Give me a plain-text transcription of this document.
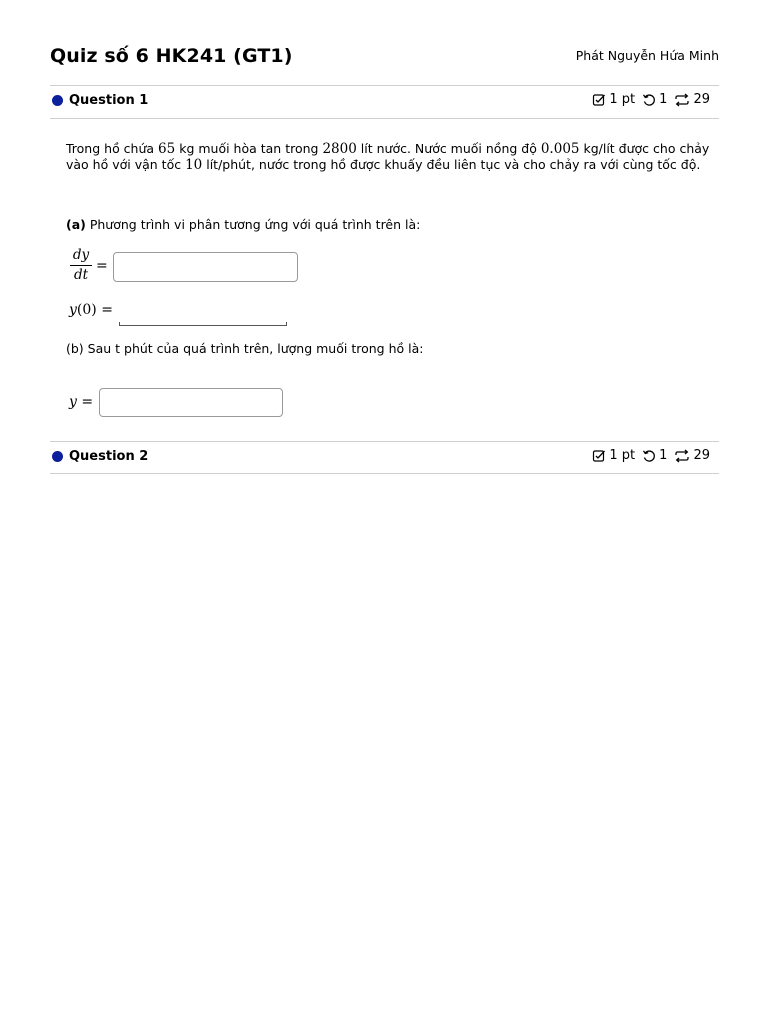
Quiz số 6 HK241 (GT1)	Phát Nguyễn Hứa Minh
Question 1	1 pt 1 29
Trong hồ chứa 65 kg muối hòa tan trong 2800 lít nước. Nước muối nồng độ 0.005 kg/lít được cho chảy vào hồ với vận tốc 10 lít/phút, nước trong hồ được khuấy đều liên tục và cho chảy ra với cùng tốc độ.
(a) Phương trình vi phân tương ứng với quá trình trên là:
dy
dt
=
y(0) =
(b) Sau t phút của quá trình trên, lượng muối trong hồ là:
y =
Question 2	1 pt 1 29
